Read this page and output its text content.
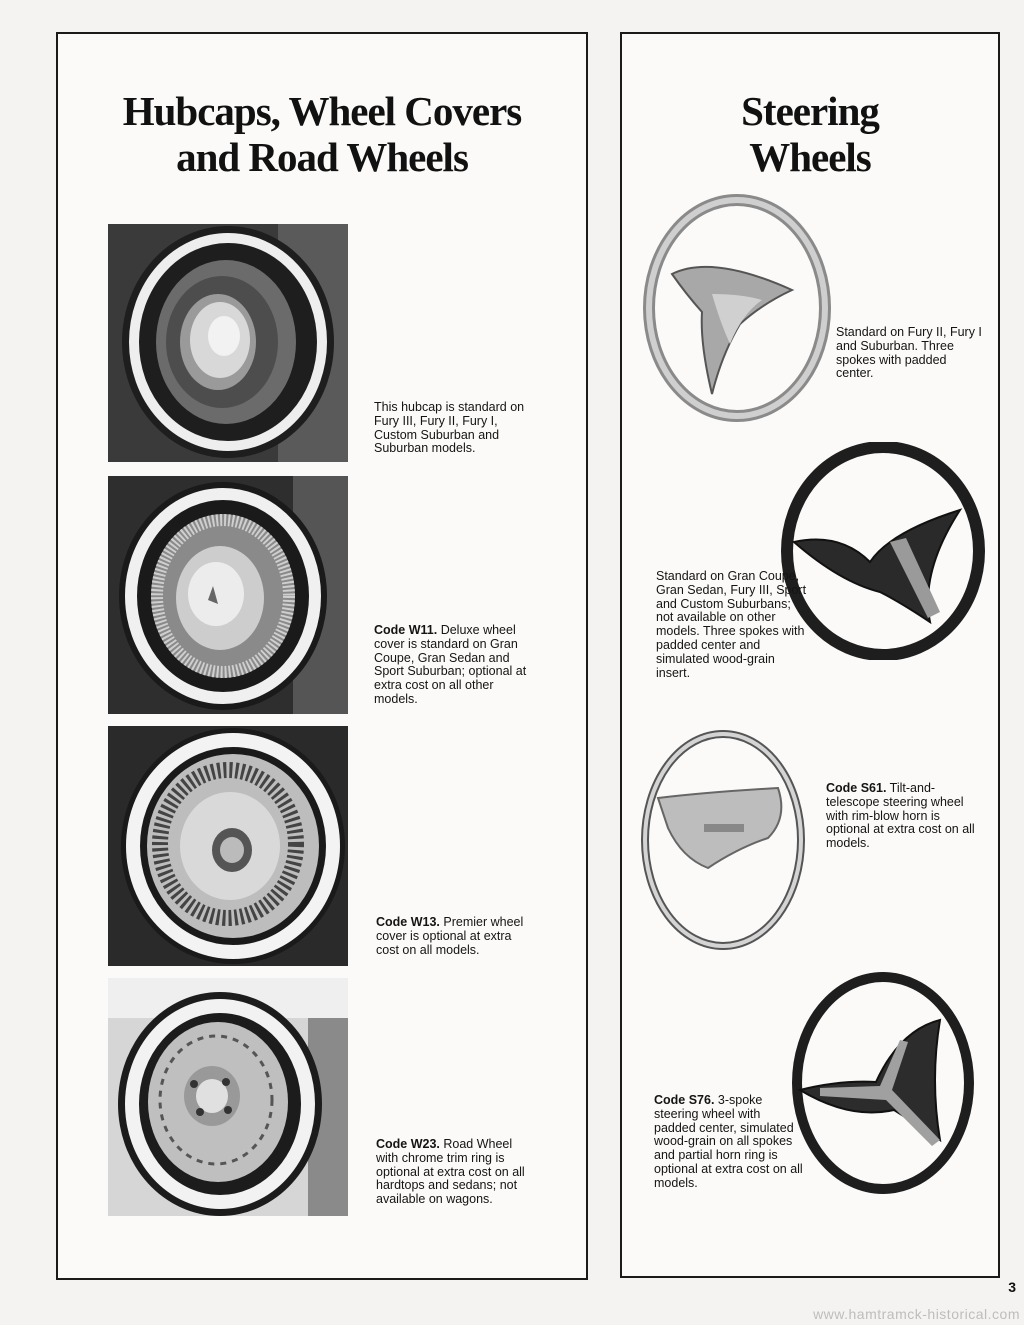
Hubcaps, Wheel Covers
and Road Wheels
This hubcap is standard on Fury III, Fury II, Fury I, Custom Suburban and Suburban models.
Code W11. Deluxe wheel cover is standard on Gran Coupe, Gran Sedan and Sport Suburban; optional at extra cost on all other models.
Code W13. Premier wheel cover is optional at extra cost on all models.
Code W23. Road Wheel with chrome trim ring is optional at extra cost on all hardtops and sedans; not available on wagons.
Steering
Wheels
Standard on Fury II, Fury I and Suburban. Three spokes with padded center.
Standard on Gran Coupe, Gran Sedan, Fury III, Sport and Custom Suburbans; not available on other models. Three spokes with padded center and simulated wood-grain insert.
Code S61. Tilt-and-telescope steering wheel with rim-blow horn is optional at extra cost on all models.
Code S76. 3-spoke steering wheel with padded center, simulated wood-grain on all spokes and partial horn ring is optional at extra cost on all models.
3
www.hamtramck-historical.com
